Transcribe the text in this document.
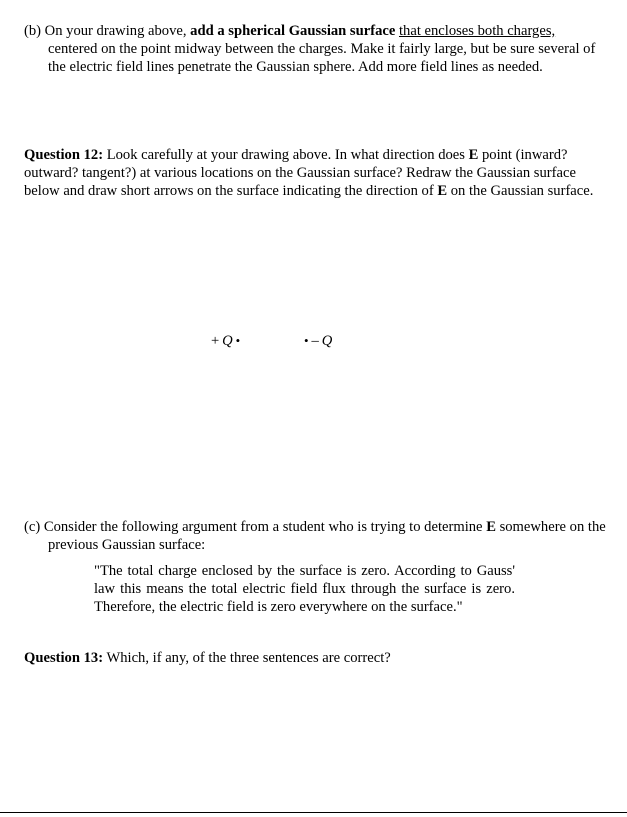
(b) On your drawing above, add a spherical Gaussian surface that encloses both charges, centered on the point midway between the charges. Make it fairly large, but be sure several of the electric field lines penetrate the Gaussian sphere. Add more field lines as needed.
Question 12: Look carefully at your drawing above. In what direction does E point (inward? outward? tangent?) at various locations on the Gaussian surface? Redraw the Gaussian surface below and draw short arrows on the surface indicating the direction of E on the Gaussian surface.
+  Q  •	•  –  Q
(c) Consider the following argument from a student who is trying to determine E somewhere on the previous Gaussian surface:
"The total charge enclosed by the surface is zero. According to Gauss' law this means the total electric field flux through the surface is zero. Therefore, the electric field is zero everywhere on the surface."
Question 13: Which, if any, of the three sentences are correct?
